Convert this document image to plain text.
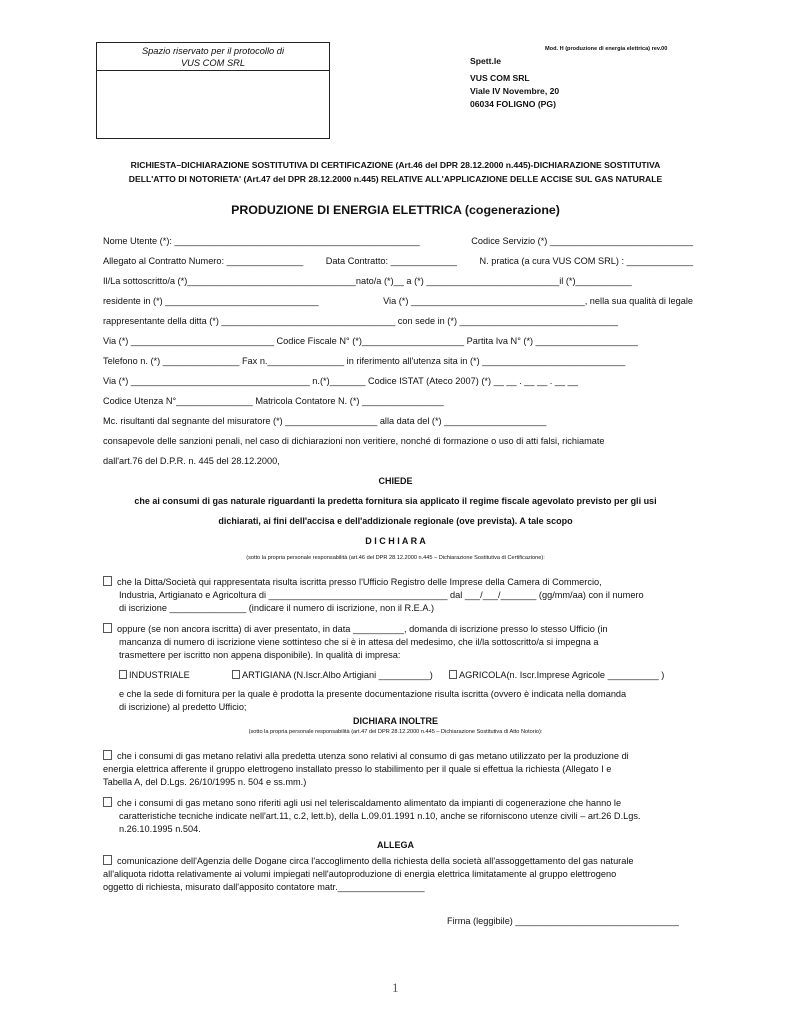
Spazio riservato per il protocollo di
VUS COM SRL
Mod. H (produzione di energia elettrica) rev.00
Spett.le
VUS COM SRL
Viale IV Novembre, 20
06034 FOLIGNO (PG)
RICHIESTA–DICHIARAZIONE SOSTITUTIVA DI CERTIFICAZIONE (Art.46 del DPR 28.12.2000 n.445)-DICHIARAZIONE SOSTITUTIVA
DELL'ATTO DI NOTORIETA' (Art.47 del DPR 28.12.2000 n.445) RELATIVE ALL'APPLICAZIONE DELLE ACCISE SUL GAS NATURALE
PRODUZIONE DI ENERGIA ELETTRICA (cogenerazione)
Nome Utente (*): ________________________________________________	Codice Servizio (*) ____________________________
Allegato al Contratto Numero: _______________ Data Contratto: _____________ N. pratica (a cura VUS COM SRL) : _____________
Il/La sottoscritto/a (*)_________________________________nato/a (*)__ a (*) __________________________il (*)___________
residente in (*) ______________________________	Via (*) __________________________________, nella sua qualità di legale
rappresentante della ditta (*) __________________________________ con sede in (*) _______________________________
Via (*) ____________________________ Codice Fiscale N° (*)____________________ Partita Iva N° (*) ____________________
Telefono n. (*) _______________ Fax n._______________ in riferimento all'utenza sita in (*) ____________________________
Via (*) ___________________________________ n.(*)_______ Codice ISTAT (Ateco 2007) (*) __ __ . __ __ . __ __
Codice Utenza N°_______________ Matricola Contatore N. (*) ________________
Mc. risultanti dal segnante del misuratore (*) __________________ alla data del (*) ____________________
consapevole delle sanzioni penali, nel caso di dichiarazioni non veritiere, nonché di formazione o uso di atti falsi, richiamate
dall'art.76 del D.P.R. n. 445 del 28.12.2000,
CHIEDE
che ai consumi di gas naturale riguardanti la predetta fornitura sia applicato il regime fiscale agevolato previsto per gli usi
dichiarati, ai fini dell'accisa e dell'addizionale regionale (ove prevista). A tale scopo
D I C H I A R A
(sotto la propria personale responsabilità (art.46 del DPR 28.12.2000 n.445 – Dichiarazione Sostitutiva di Certificazione):
che la Ditta/Società qui rappresentata risulta iscritta presso l'Ufficio Registro delle Imprese della Camera di Commercio,
Industria, Artigianato e Agricoltura di ___________________________________ dal ___/___/_______ (gg/mm/aa) con il numero
di iscrizione _______________ (indicare il numero di iscrizione, non il R.E.A.)
oppure (se non ancora iscritta) di aver presentato, in data __________, domanda di iscrizione presso lo stesso Ufficio (in
mancanza di numero di iscrizione viene sottinteso che si è in attesa del medesimo, che il/la sottoscritto/a si impegna a
trasmettere per iscritto non appena disponibile). In qualità di impresa:
INDUSTRIALE	ARTIGIANA (N.Iscr.Albo Artigiani __________)	AGRICOLA(n. Iscr.Imprese Agricole __________ )
e che la sede di fornitura per la quale è prodotta la presente documentazione risulta iscritta (ovvero è indicata nella domanda
di iscrizione) al predetto Ufficio;
DICHIARA INOLTRE
(sotto la propria personale responsabilità (art.47 del DPR 28.12.2000 n.445 – Dichiarazione Sostitutiva di Atto Notorio):
che i consumi di gas metano relativi alla predetta utenza sono relativi al consumo di gas metano utilizzato per la produzione di
energia elettrica afferente il gruppo elettrogeno installato presso lo stabilimento per il quale si effettua la richiesta (Allegato I e
Tabella A, del D.Lgs. 26/10/1995 n. 504 e ss.mm.)
che i consumi di gas metano sono riferiti agli usi nel teleriscaldamento alimentato da impianti di cogenerazione che hanno le
caratteristiche tecniche indicate nell'art.11, c.2, lett.b), della L.09.01.1991 n.10, anche se riforniscono utenze civili – art.26 D.Lgs.
n.26.10.1995 n.504.
ALLEGA
comunicazione dell'Agenzia delle Dogane circa l'accoglimento della richiesta della società all'assoggettamento del gas naturale
all'aliquota ridotta relativamente ai volumi impiegati nell'autoproduzione di energia elettrica limitatamente al gruppo elettrogeno
oggetto di richiesta, misurato dall'apposito contatore matr._________________
Firma (leggibile) ________________________________
1
